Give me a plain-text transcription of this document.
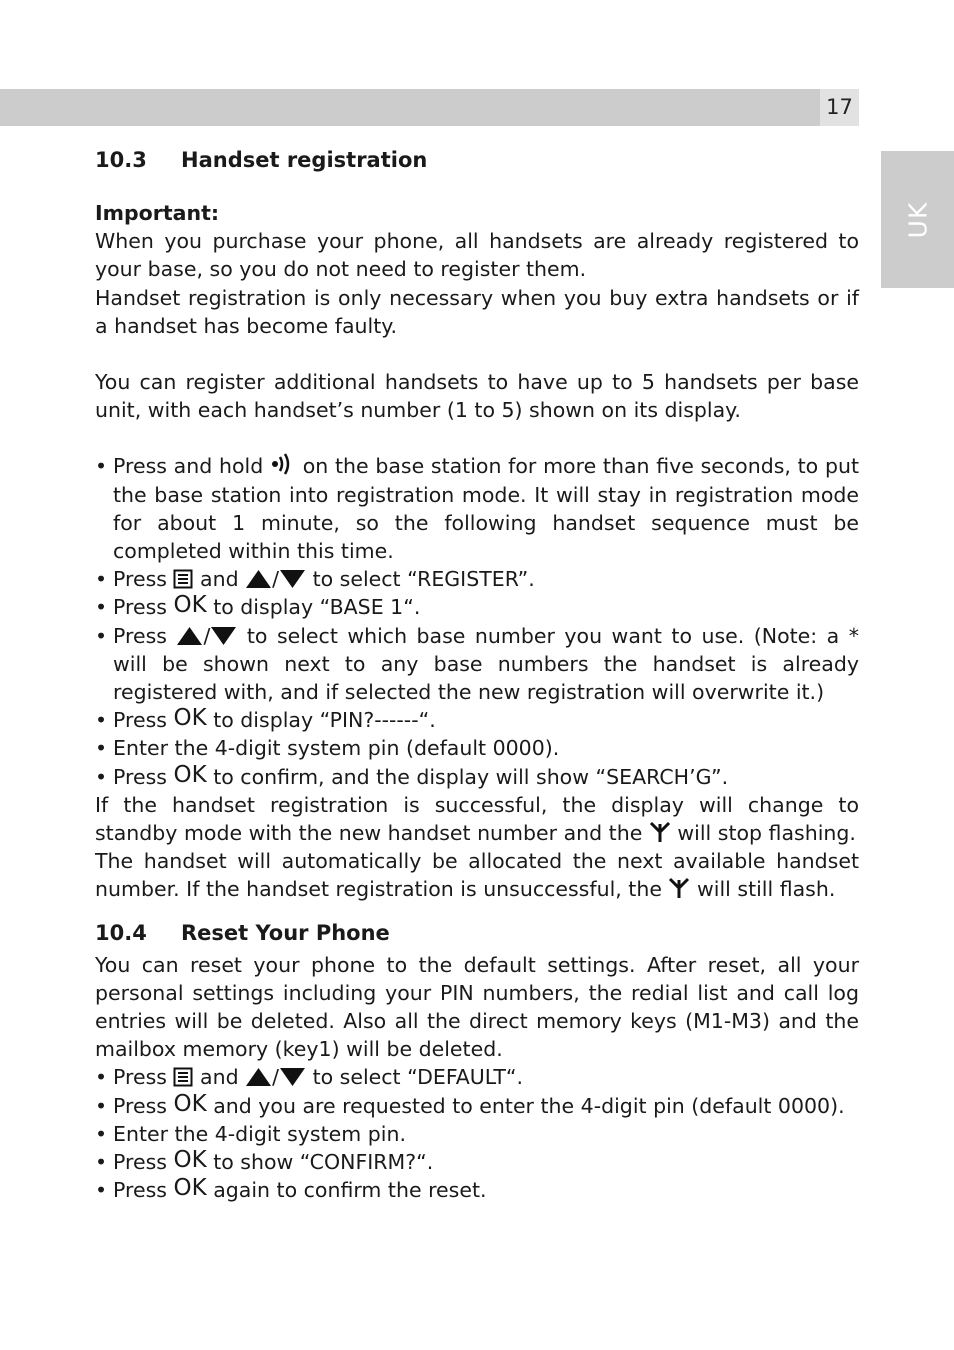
17
UK

10.3 Handset registration

Important:

When you purchase your phone, all handsets are already registered to your base, so you do not need to register them.

Handset registration is only necessary when you buy extra handsets or if a handset has become faulty.

You can register additional handsets to have up to 5 handsets per base unit, with each handset’s number (1 to 5) shown on its display.

• Press and hold on the base station for more than five seconds, to put the base station into registration mode. It will stay in registration mode for about 1 minute, so the following handset sequence must be completed within this time.

• Press and / to select “REGISTER”.

• Press OK to display “BASE 1“.

• Press / to select which base number you want to use. (Note: a * will be shown next to any base numbers the handset is already registered with, and if selected the new registration will overwrite it.)

• Press OK to display “PIN?------“.

• Enter the 4-digit system pin (default 0000).

• Press OK to confirm, and the display will show “SEARCH’G”.

If the handset registration is successful, the display will change to standby mode with the new handset number and the will stop flashing.

The handset will automatically be allocated the next available handset number. If the handset registration is unsuccessful, the will still flash.

10.4 Reset Your Phone

You can reset your phone to the default settings. After reset, all your personal settings including your PIN numbers, the redial list and call log entries will be deleted. Also all the direct memory keys (M1-M3) and the mailbox memory (key1) will be deleted.

• Press and / to select “DEFAULT“.

• Press OK and you are requested to enter the 4-digit pin (default 0000).

• Enter the 4-digit system pin.

• Press OK to show “CONFIRM?“.

• Press OK again to confirm the reset.
